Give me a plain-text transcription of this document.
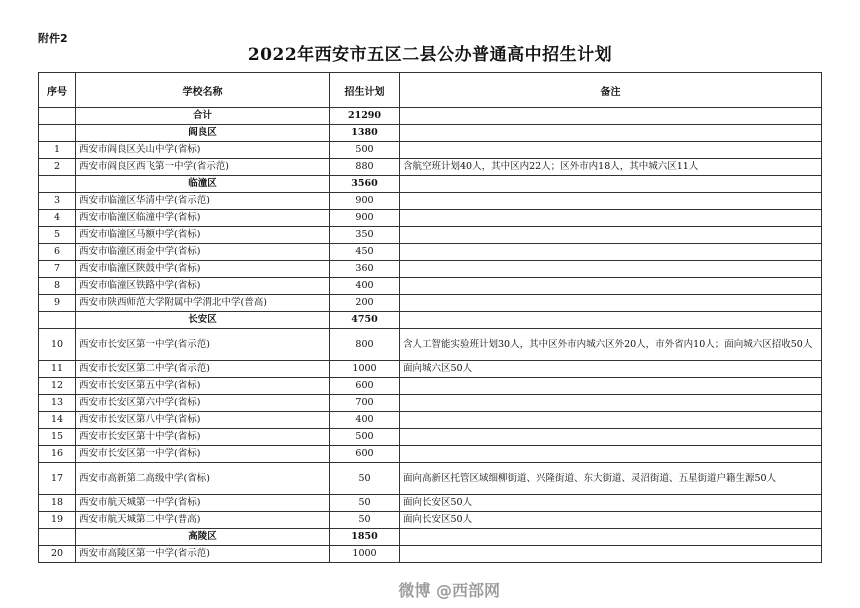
附件2
2022年西安市五区二县公办普通高中招生计划
序号	学校名称	招生计划	备注
	合计	21290	
	阎良区	1380	
1	西安市阎良区关山中学(省标)	500	
2	西安市阎良区西飞第一中学(省示范)	880	含航空班计划40人，其中区内22人；区外市内18人，其中城六区11人
	临潼区	3560	
3	西安市临潼区华清中学(省示范)	900	
4	西安市临潼区临潼中学(省标)	900	
5	西安市临潼区马额中学(省标)	350	
6	西安市临潼区雨金中学(省标)	450	
7	西安市临潼区陕鼓中学(省标)	360	
8	西安市临潼区铁路中学(省标)	400	
9	西安市陕西师范大学附属中学渭北中学(普高)	200	
	长安区	4750	
10	西安市长安区第一中学(省示范)	800	含人工智能实验班计划30人，其中区外市内城六区外20人，市外省内10人；面向城六区招收50人
11	西安市长安区第二中学(省示范)	1000	面向城六区50人
12	西安市长安区第五中学(省标)	600	
13	西安市长安区第六中学(省标)	700	
14	西安市长安区第八中学(省标)	400	
15	西安市长安区第十中学(省标)	500	
16	西安市长安区第一中学(省标)	600	
17	西安市高新第二高级中学(省标)	50	面向高新区托管区域细柳街道、兴隆街道、东大街道、灵沼街道、五星街道户籍生源50人
18	西安市航天城第一中学(省标)	50	面向长安区50人
19	西安市航天城第二中学(普高)	50	面向长安区50人
	高陵区	1850	
20	西安市高陵区第一中学(省示范)	1000	
微博 @西部网
